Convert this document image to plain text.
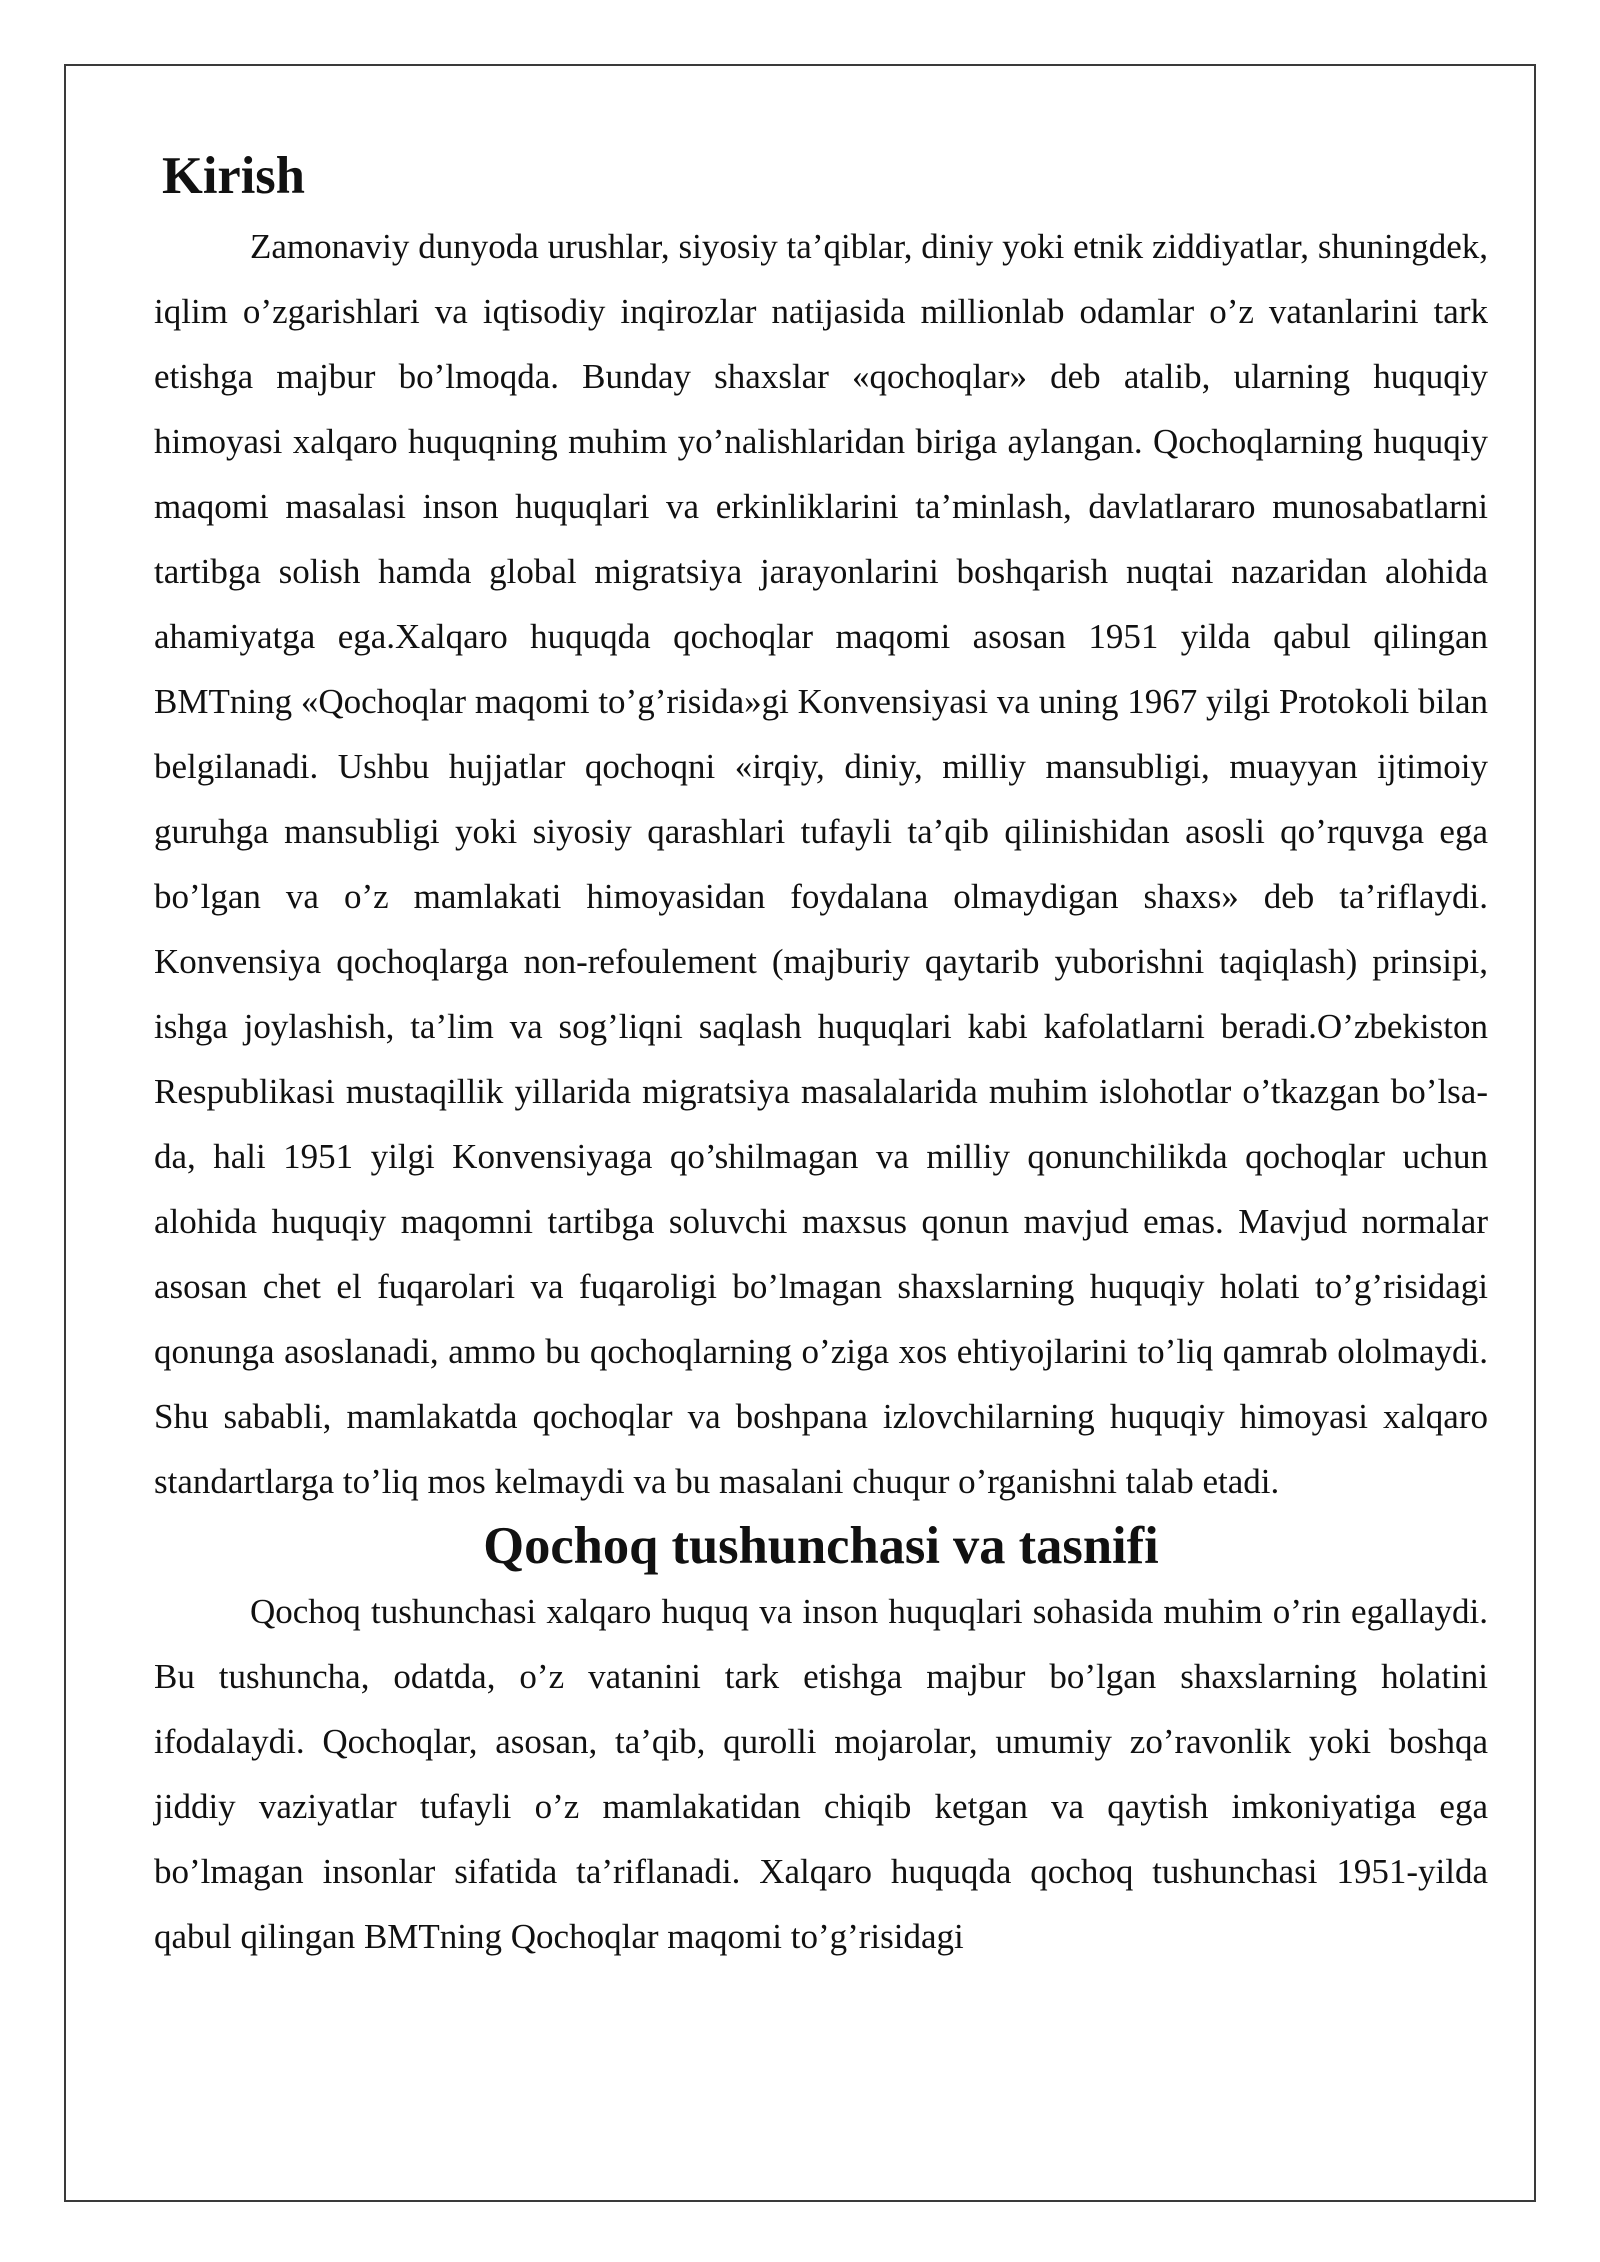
Kirish

Zamonaviy dunyoda urushlar, siyosiy ta’qiblar, diniy yoki etnik ziddiyatlar, shuningdek, iqlim o’zgarishlari va iqtisodiy inqirozlar natijasida millionlab odamlar o’z vatanlarini tark etishga majbur bo’lmoqda. Bunday shaxslar «qochoqlar» deb atalib, ularning huquqiy himoyasi xalqaro huquqning muhim yo’nalishlaridan biriga aylangan. Qochoqlarning huquqiy maqomi masalasi inson huquqlari va erkinliklarini ta’minlash, davlatlararo munosabatlarni tartibga solish hamda global migratsiya jarayonlarini boshqarish nuqtai nazaridan alohida ahamiyatga ega.Xalqaro huquqda qochoqlar maqomi asosan 1951 yilda qabul qilingan BMTning «Qochoqlar maqomi to’g’risida»gi Konvensiyasi va uning 1967 yilgi Protokoli bilan belgilanadi. Ushbu hujjatlar qochoqni «irqiy, diniy, milliy mansubligi, muayyan ijtimoiy guruhga mansubligi yoki siyosiy qarashlari tufayli ta’qib qilinishidan asosli qo’rquvga ega bo’lgan va o’z mamlakati himoyasidan foydalana olmaydigan shaxs» deb ta’riflaydi. Konvensiya qochoqlarga non-refoulement (majburiy qaytarib yuborishni taqiqlash) prinsipi, ishga joylashish, ta’lim va sog’liqni saqlash huquqlari kabi kafolatlarni beradi.O’zbekiston Respublikasi mustaqillik yillarida migratsiya masalalarida muhim islohotlar o’tkazgan bo’lsa-da, hali 1951 yilgi Konvensiyaga qo’shilmagan va milliy qonunchilikda qochoqlar uchun alohida huquqiy maqomni tartibga soluvchi maxsus qonun mavjud emas. Mavjud normalar asosan chet el fuqarolari va fuqaroligi bo’lmagan shaxslarning huquqiy holati to’g’risidagi qonunga asoslanadi, ammo bu qochoqlarning o’ziga xos ehtiyojlarini to’liq qamrab ololmaydi. Shu sababli, mamlakatda qochoqlar va boshpana izlovchilarning huquqiy himoyasi xalqaro standartlarga to’liq mos kelmaydi va bu masalani chuqur o’rganishni talab etadi.

Qochoq tushunchasi va tasnifi

Qochoq tushunchasi xalqaro huquq va inson huquqlari sohasida muhim o’rin egallaydi. Bu tushuncha, odatda, o’z vatanini tark etishga majbur bo’lgan shaxslarning holatini ifodalaydi. Qochoqlar, asosan, ta’qib, qurolli mojarolar, umumiy zo’ravonlik yoki boshqa jiddiy vaziyatlar tufayli o’z mamlakatidan chiqib ketgan va qaytish imkoniyatiga ega bo’lmagan insonlar sifatida ta’riflanadi. Xalqaro huquqda qochoq tushunchasi 1951-yilda qabul qilingan BMTning Qochoqlar maqomi to’g’risidagi
